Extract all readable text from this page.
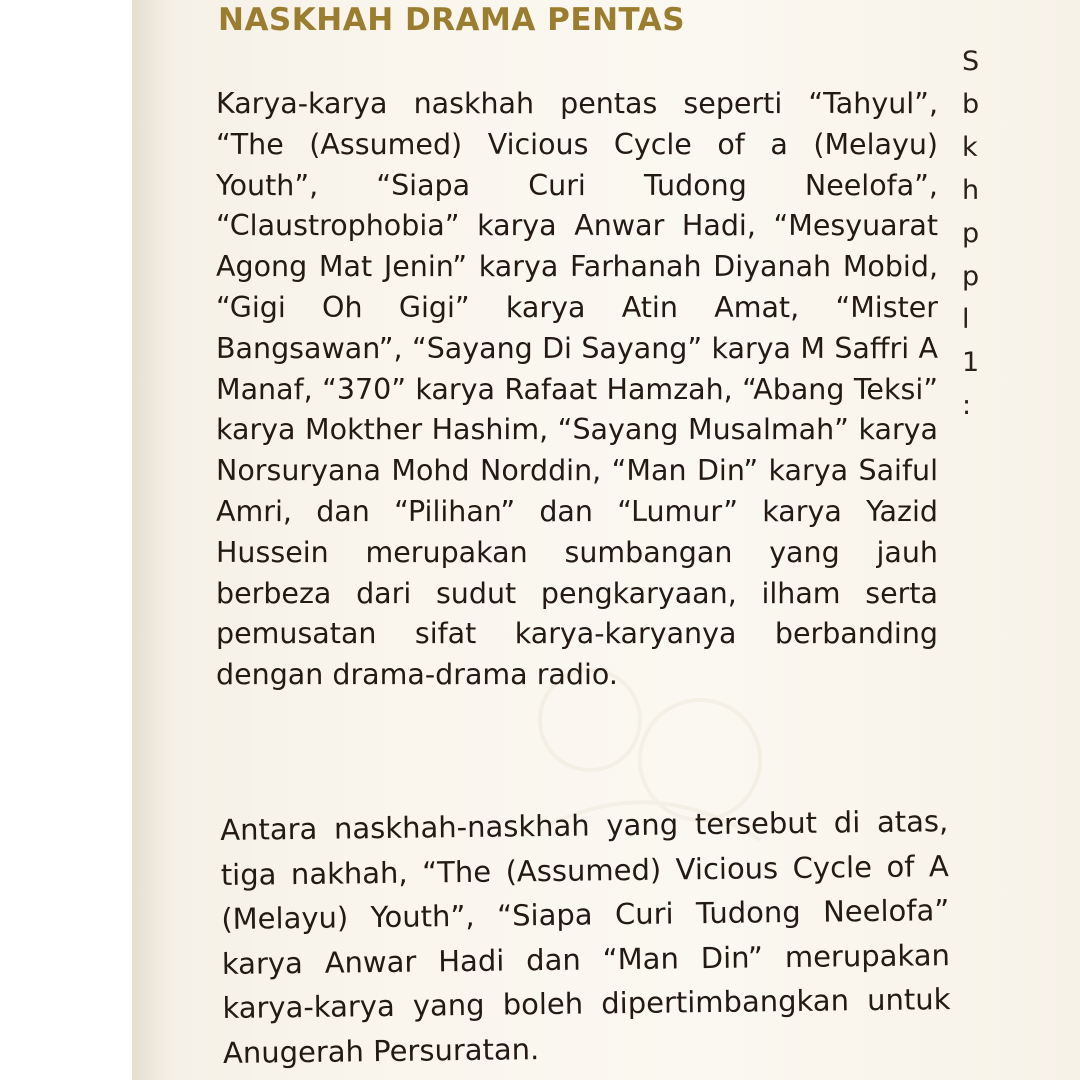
NASKHAH DRAMA PENTAS

Karya-karya naskhah pentas seperti “Tahyul”, “The (Assumed) Vicious Cycle of a (Melayu) Youth”, “Siapa Curi Tudong Neelofa”, “Claustrophobia” karya Anwar Hadi, “Mesyuarat Agong Mat Jenin” karya Farhanah Diyanah Mobid, “Gigi Oh Gigi” karya Atin Amat, “Mister Bangsawan”, “Sayang Di Sayang” karya M Saffri A Manaf, “370” karya Rafaat Hamzah, “Abang Teksi” karya Mokther Hashim, “Sayang Musalmah” karya Norsuryana Mohd Norddin, “Man Din” karya Saiful Amri, dan “Pilihan” dan “Lumur” karya Yazid Hussein merupakan sumbangan yang jauh berbeza dari sudut pengkaryaan, ilham serta pemusatan sifat karya-karyanya berbanding dengan drama-drama radio.

Antara naskhah-naskhah yang tersebut di atas, tiga nakhah, “The (Assumed) Vicious Cycle of A (Melayu) Youth”, “Siapa Curi Tudong Neelofa” karya Anwar Hadi dan “Man Din” merupakan karya-karya yang boleh dipertimbangkan untuk Anugerah Persuratan.

S
b
k
h
p
p
l
1
:
